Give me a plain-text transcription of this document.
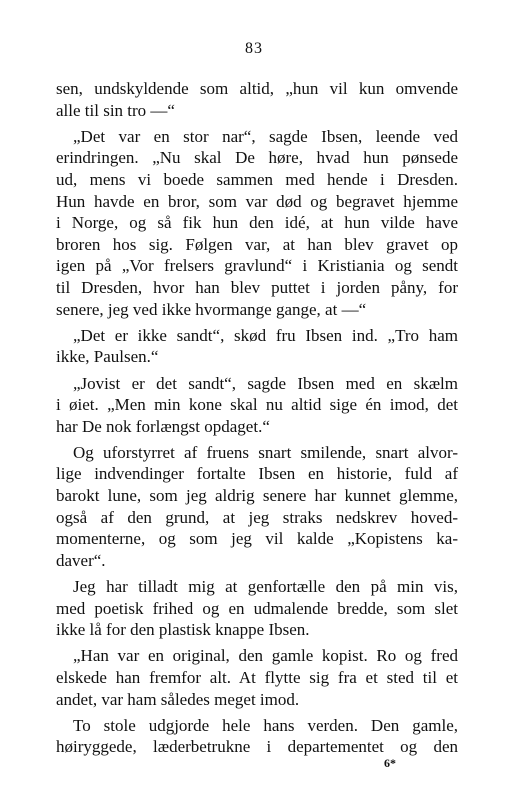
83
sen, undskyldende som altid, „hun vil kun omvende
alle til sin tro —“
„Det var en stor nar“, sagde Ibsen, leende ved
erindringen. „Nu skal De høre, hvad hun pønsede
ud, mens vi boede sammen med hende i Dresden.
Hun havde en bror, som var død og begravet hjemme
i Norge, og så fik hun den idé, at hun vilde have
broren hos sig. Følgen var, at han blev gravet op
igen på „Vor frelsers gravlund“ i Kristiania og sendt
til Dresden, hvor han blev puttet i jorden påny, for
senere, jeg ved ikke hvormange gange, at —“
„Det er ikke sandt“, skød fru Ibsen ind. „Tro ham
ikke, Paulsen.“
„Jovist er det sandt“, sagde Ibsen med en skælm
i øiet. „Men min kone skal nu altid sige én imod, det
har De nok forlængst opdaget.“
Og uforstyrret af fruens snart smilende, snart alvor-
lige indvendinger fortalte Ibsen en historie, fuld af
barokt lune, som jeg aldrig senere har kunnet glemme,
også af den grund, at jeg straks nedskrev hoved-
momenterne, og som jeg vil kalde „Kopistens ka-
daver“.
Jeg har tilladt mig at genfortælle den på min vis,
med poetisk frihed og en udmalende bredde, som slet
ikke lå for den plastisk knappe Ibsen.
„Han var en original, den gamle kopist. Ro og fred
elskede han fremfor alt. At flytte sig fra et sted til et
andet, var ham således meget imod.
To stole udgjorde hele hans verden. Den gamle,
høiryggede, læderbetrukne i departementet og den
6*
